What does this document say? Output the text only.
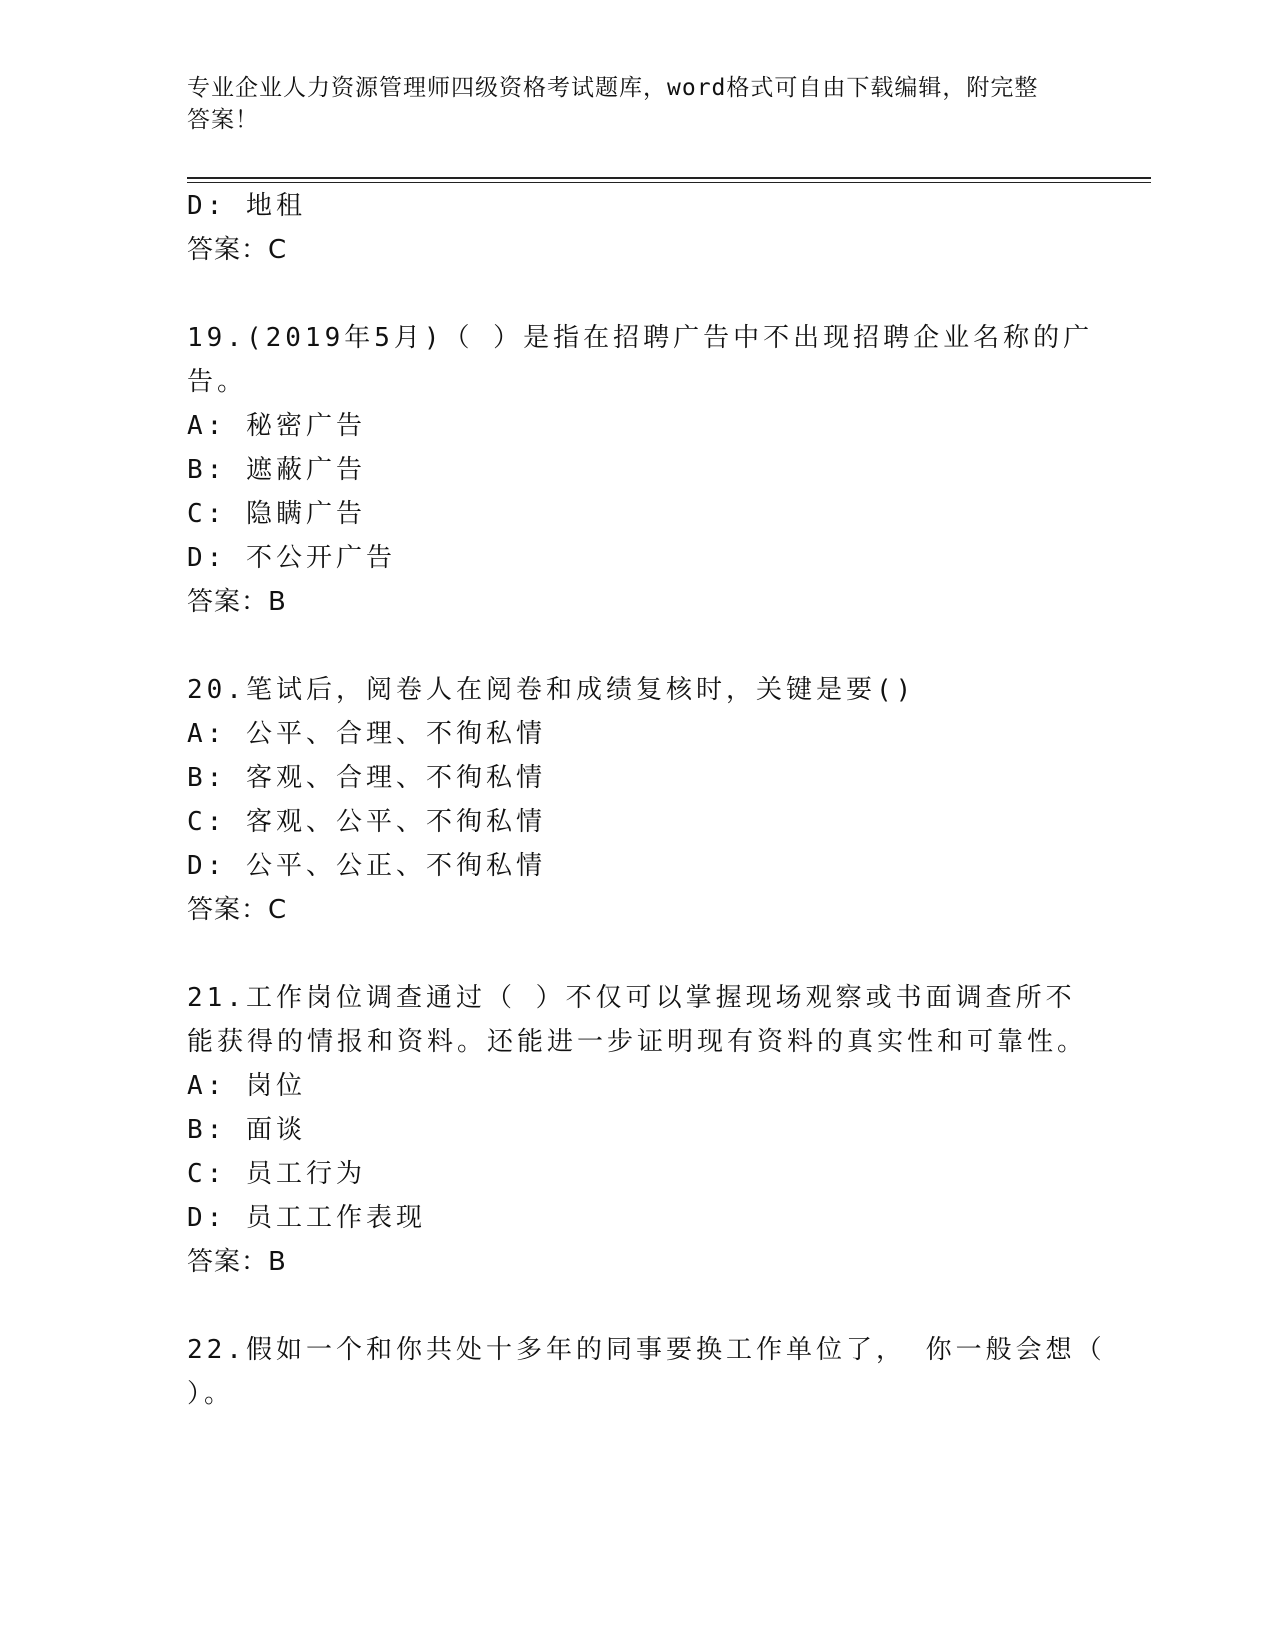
专业企业人力资源管理师四级资格考试题库，word格式可自由下载编辑，附完整
答案！
D: 地租
答案：C
19.(2019年5月)（ ）是指在招聘广告中不出现招聘企业名称的广
告。
A: 秘密广告
B: 遮蔽广告
C: 隐瞒广告
D: 不公开广告
答案：B
20.笔试后，阅卷人在阅卷和成绩复核时，关键是要()
A: 公平、合理、不徇私情
B: 客观、合理、不徇私情
C: 客观、公平、不徇私情
D: 公平、公正、不徇私情
答案：C
21.工作岗位调查通过（ ）不仅可以掌握现场观察或书面调查所不
能获得的情报和资料。还能进一步证明现有资料的真实性和可靠性。
A: 岗位
B: 面谈
C: 员工行为
D: 员工工作表现
答案：B
22.假如一个和你共处十多年的同事要换工作单位了， 你一般会想（
）。
